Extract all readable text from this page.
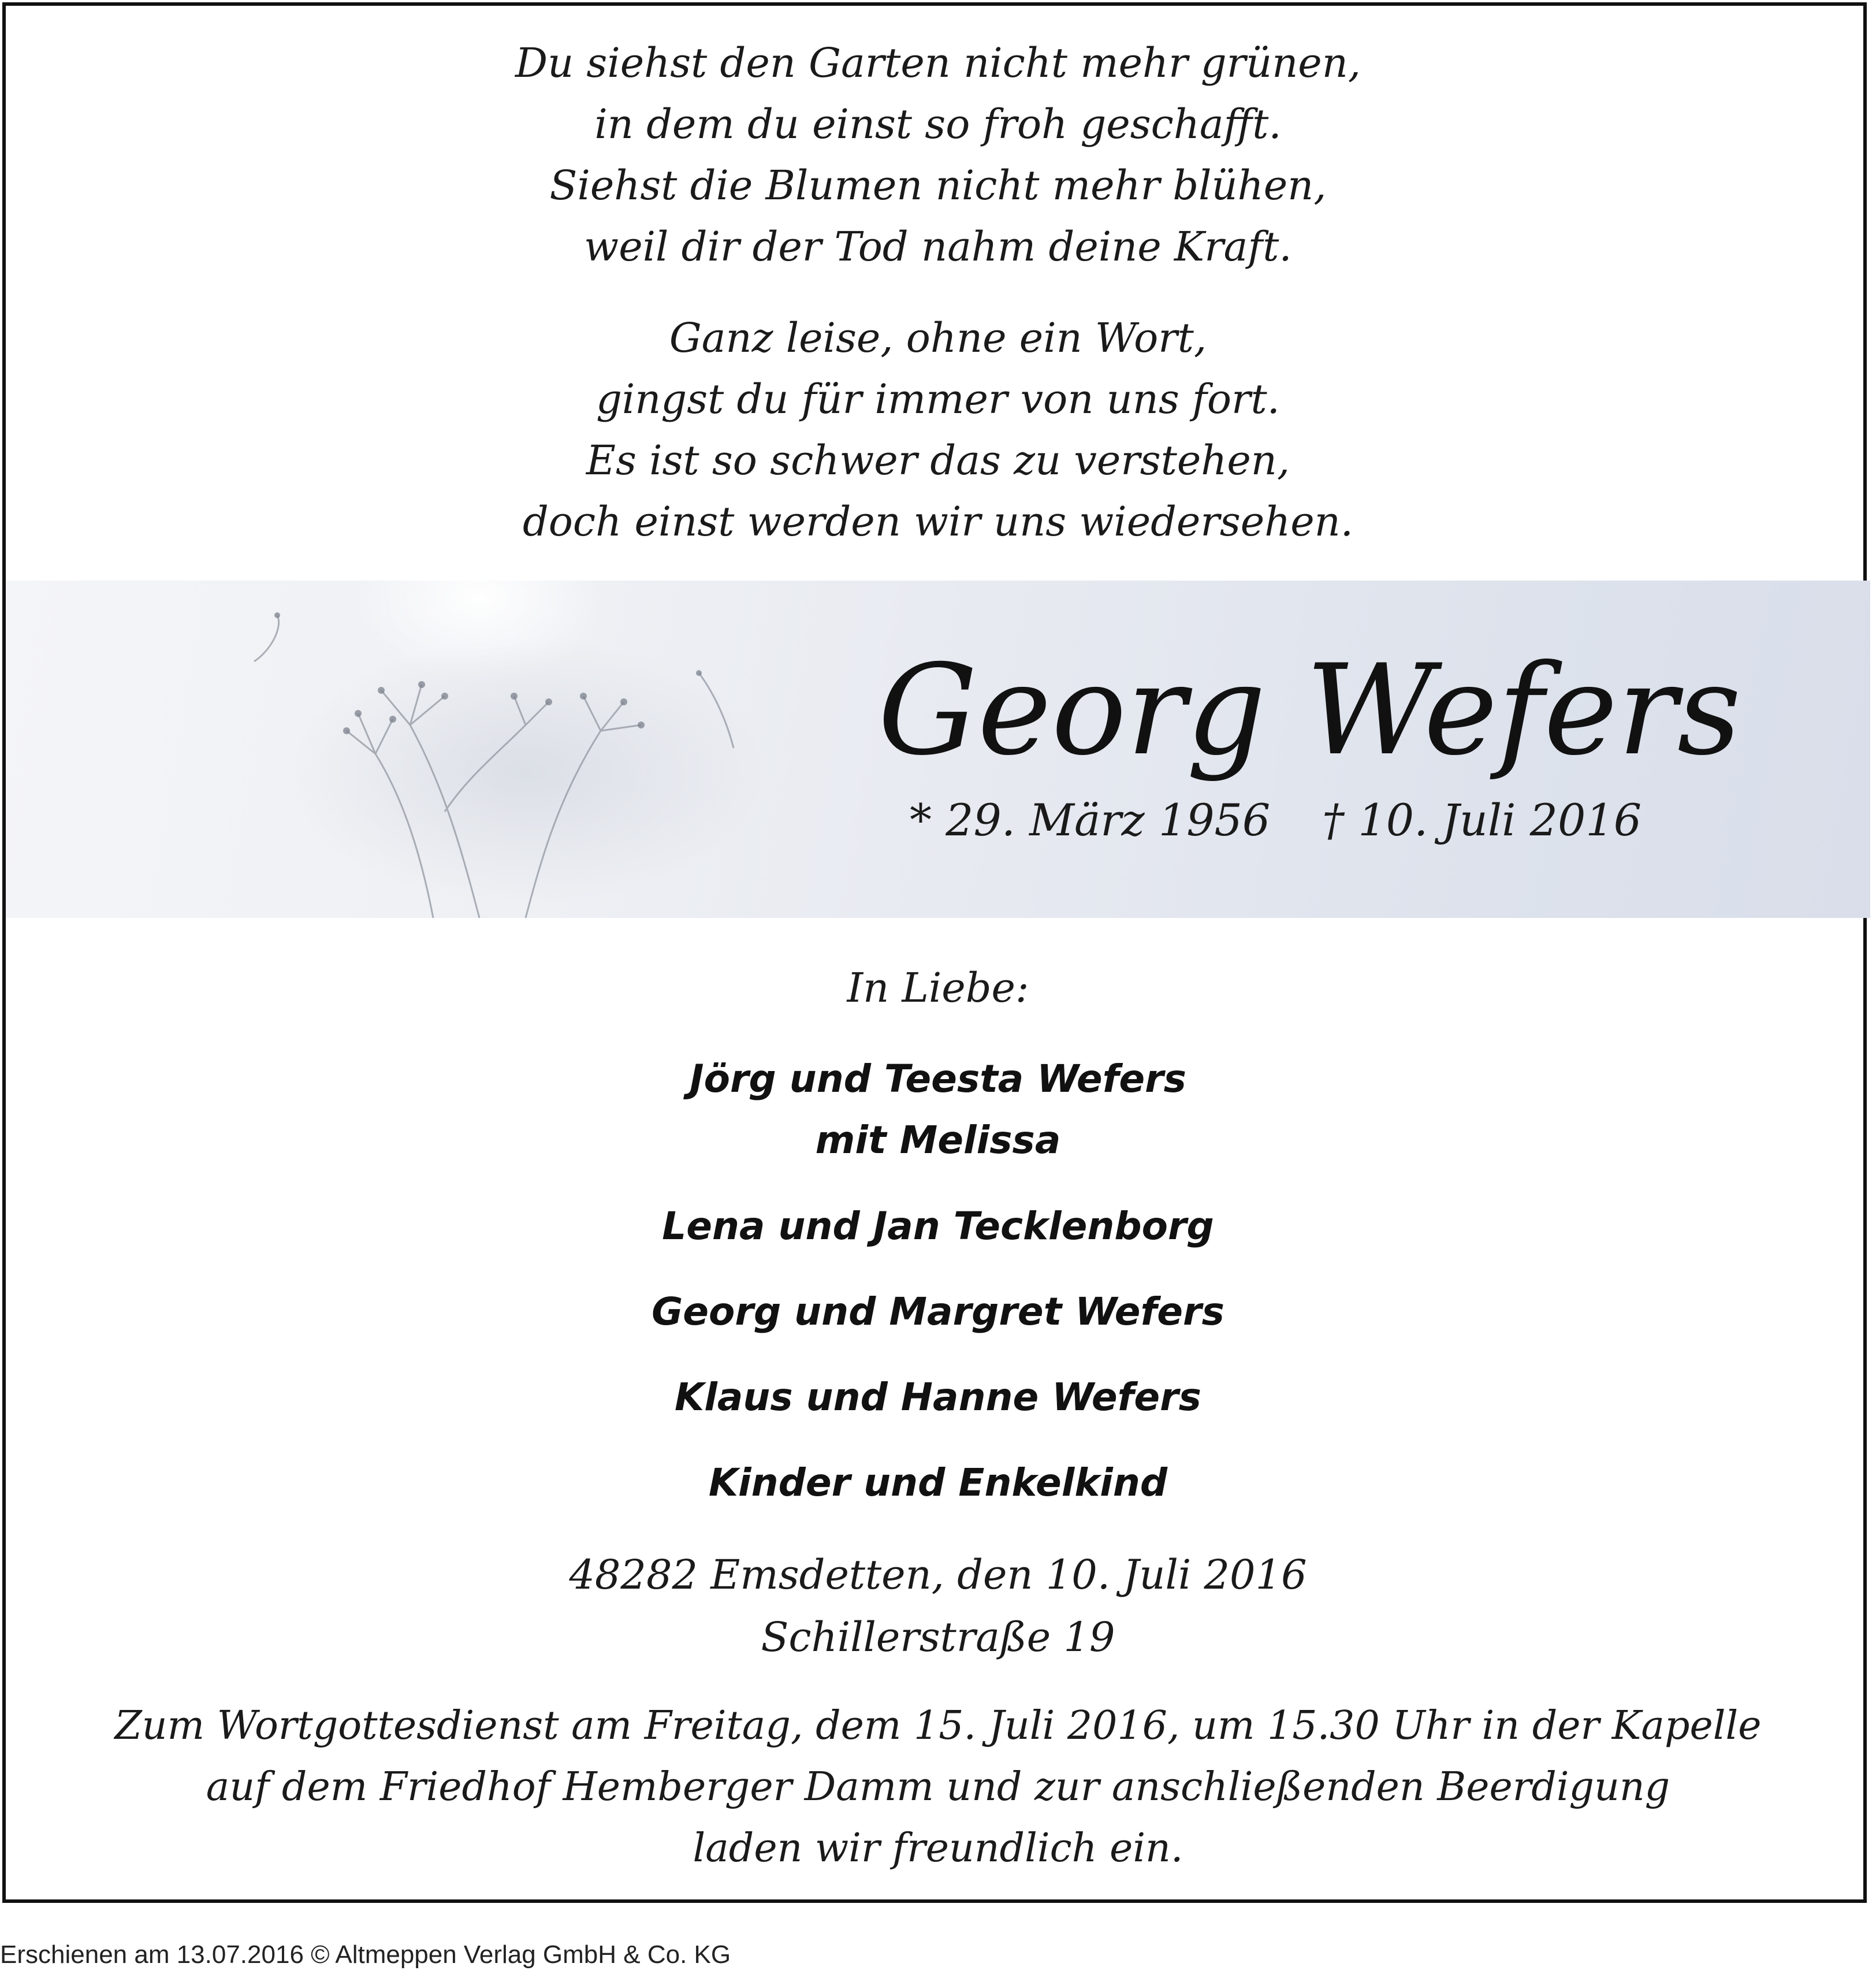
Du siehst den Garten nicht mehr grünen,
in dem du einst so froh geschafft.
Siehst die Blumen nicht mehr blühen,
weil dir der Tod nahm deine Kraft.
Ganz leise, ohne ein Wort,
gingst du für immer von uns fort.
Es ist so schwer das zu verstehen,
doch einst werden wir uns wiedersehen.
Georg Wefers
* 29. März 1956 † 10. Juli 2016
In Liebe:
Jörg und Teesta Wefers
mit Melissa
Lena und Jan Tecklenborg
Georg und Margret Wefers
Klaus und Hanne Wefers
Kinder und Enkelkind
48282 Emsdetten, den 10. Juli 2016
Schillerstraße 19
Zum Wortgottesdienst am Freitag, dem 15. Juli 2016, um 15.30 Uhr in der Kapelle
auf dem Friedhof Hemberger Damm und zur anschließenden Beerdigung
laden wir freundlich ein.
Erschienen am 13.07.2016 © Altmeppen Verlag GmbH & Co. KG
